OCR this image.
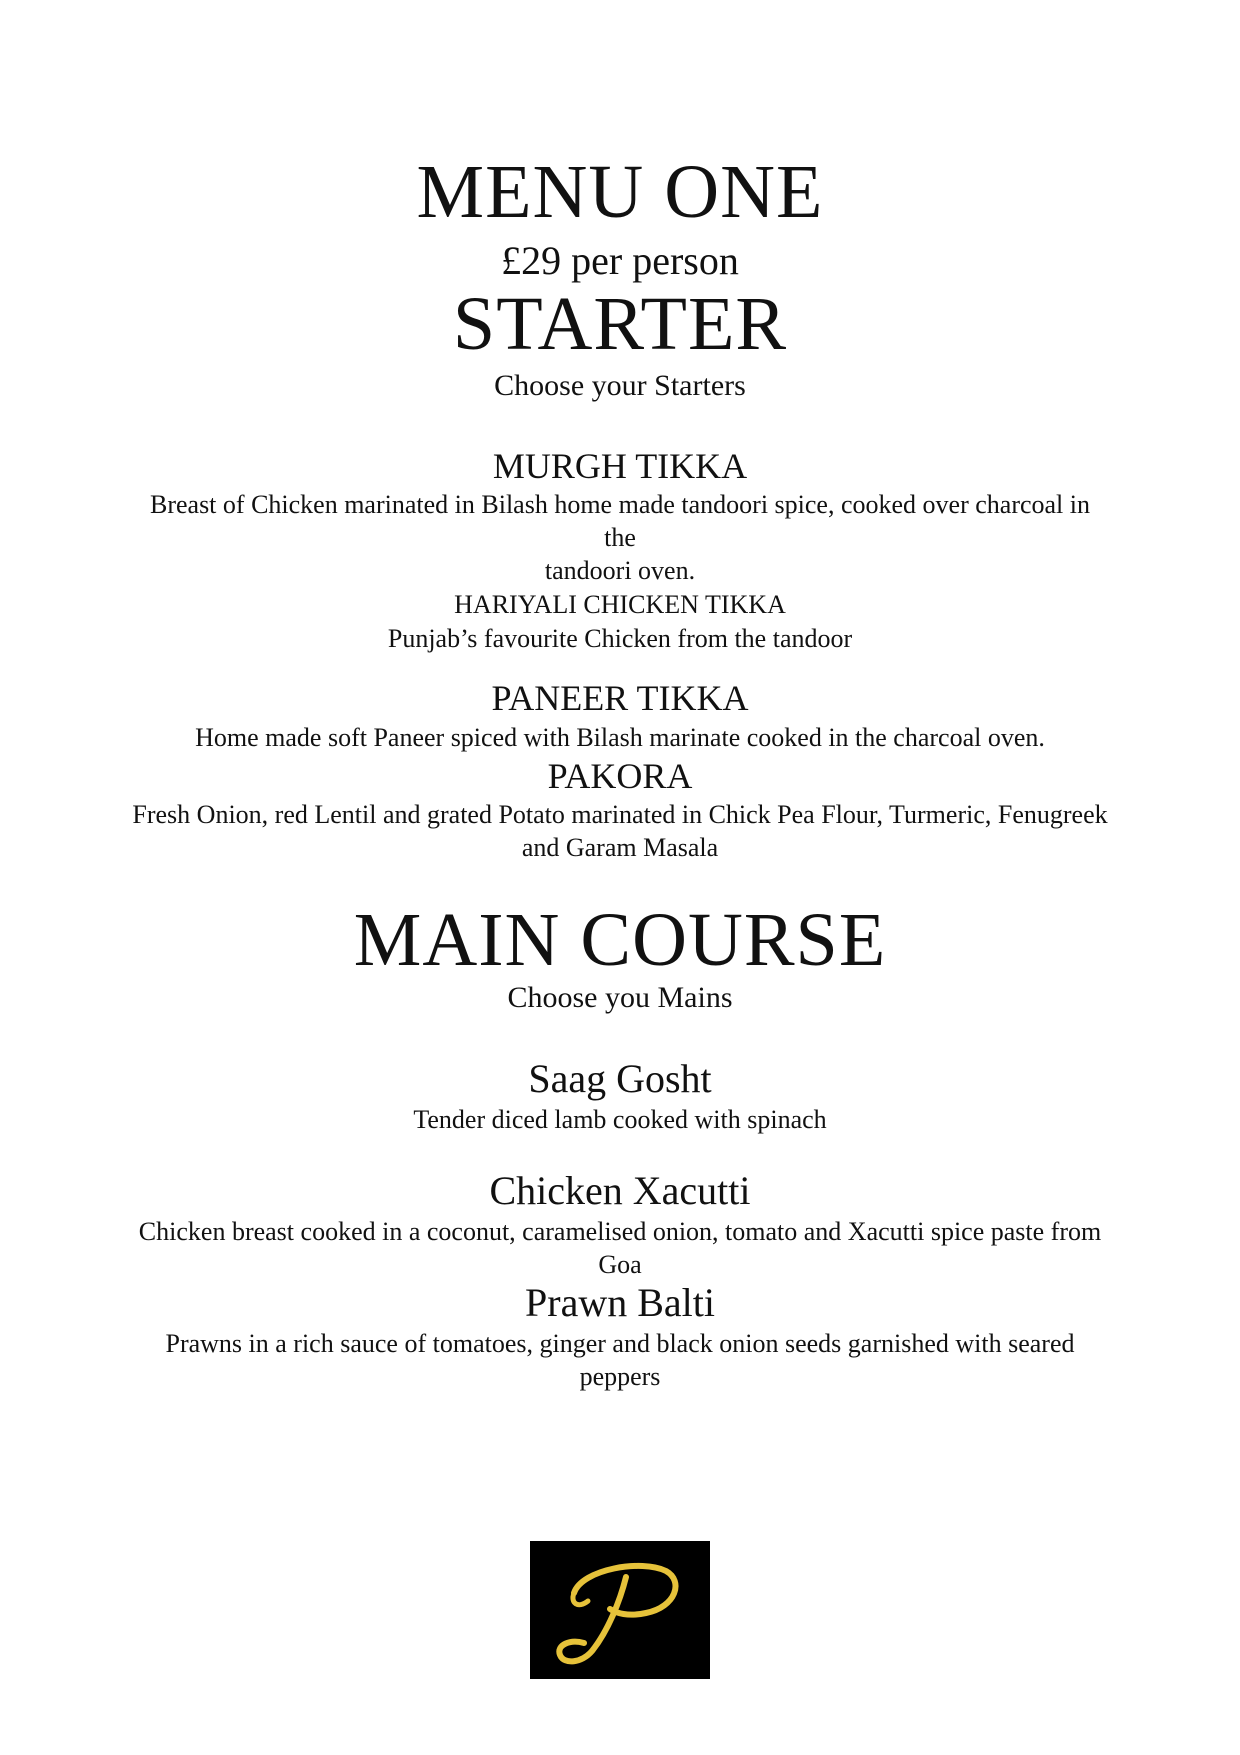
MENU ONE
£29 per person
STARTER
Choose your Starters
MURGH TIKKA
Breast of Chicken marinated in Bilash home made tandoori spice, cooked over charcoal in
the
tandoori oven.
HARIYALI CHICKEN TIKKA
Punjab’s favourite Chicken from the tandoor
PANEER TIKKA
Home made soft Paneer spiced with Bilash marinate cooked in the charcoal oven.
PAKORA
Fresh Onion, red Lentil and grated Potato marinated in Chick Pea Flour, Turmeric, Fenugreek
and Garam Masala
MAIN COURSE
Choose you Mains
Saag Gosht
Tender diced lamb cooked with spinach
Chicken Xacutti
Chicken breast cooked in a coconut, caramelised onion, tomato and Xacutti spice paste from
Goa
Prawn Balti
Prawns in a rich sauce of tomatoes, ginger and black onion seeds garnished with seared
peppers
